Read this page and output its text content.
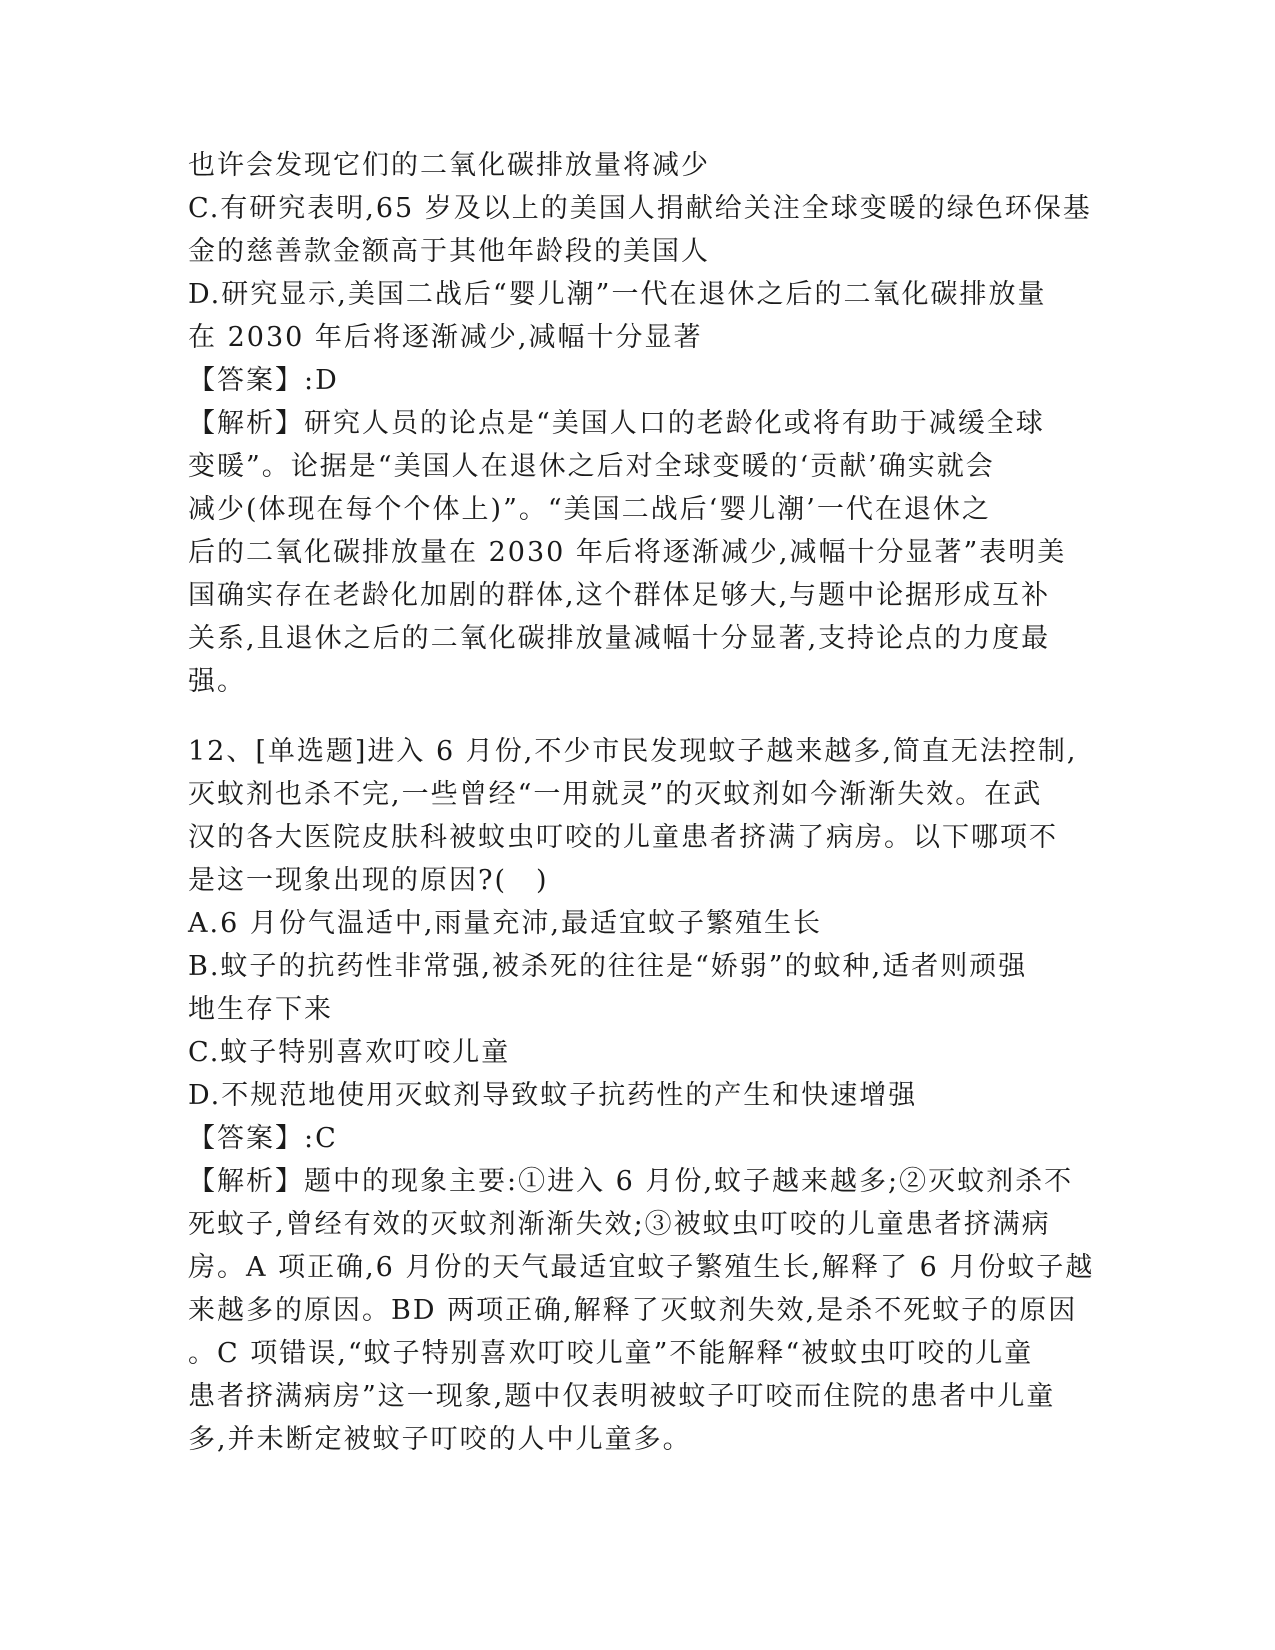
也许会发现它们的二氧化碳排放量将减少
C.有研究表明,65 岁及以上的美国人捐献给关注全球变暖的绿色环保基
金的慈善款金额高于其他年龄段的美国人
D.研究显示,美国二战后“婴儿潮”一代在退休之后的二氧化碳排放量
在 2030 年后将逐渐减少,减幅十分显著
【答案】:D
【解析】研究人员的论点是“美国人口的老龄化或将有助于减缓全球
变暖”。论据是“美国人在退休之后对全球变暖的‘贡献’确实就会
减少(体现在每个个体上)”。“美国二战后‘婴儿潮’一代在退休之
后的二氧化碳排放量在 2030 年后将逐渐减少,减幅十分显著”表明美
国确实存在老龄化加剧的群体,这个群体足够大,与题中论据形成互补
关系,且退休之后的二氧化碳排放量减幅十分显著,支持论点的力度最
强。
12、[单选题]进入 6 月份,不少市民发现蚊子越来越多,简直无法控制,
灭蚊剂也杀不完,一些曾经“一用就灵”的灭蚊剂如今渐渐失效。在武
汉的各大医院皮肤科被蚊虫叮咬的儿童患者挤满了病房。以下哪项不
是这一现象出现的原因?(　)
A.6 月份气温适中,雨量充沛,最适宜蚊子繁殖生长
B.蚊子的抗药性非常强,被杀死的往往是“娇弱”的蚊种,适者则顽强
地生存下来
C.蚊子特别喜欢叮咬儿童
D.不规范地使用灭蚊剂导致蚊子抗药性的产生和快速增强
【答案】:C
【解析】题中的现象主要:①进入 6 月份,蚊子越来越多;②灭蚊剂杀不
死蚊子,曾经有效的灭蚊剂渐渐失效;③被蚊虫叮咬的儿童患者挤满病
房。A 项正确,6 月份的天气最适宜蚊子繁殖生长,解释了 6 月份蚊子越
来越多的原因。BD 两项正确,解释了灭蚊剂失效,是杀不死蚊子的原因
。C 项错误,“蚊子特别喜欢叮咬儿童”不能解释“被蚊虫叮咬的儿童
患者挤满病房”这一现象,题中仅表明被蚊子叮咬而住院的患者中儿童
多,并未断定被蚊子叮咬的人中儿童多。
